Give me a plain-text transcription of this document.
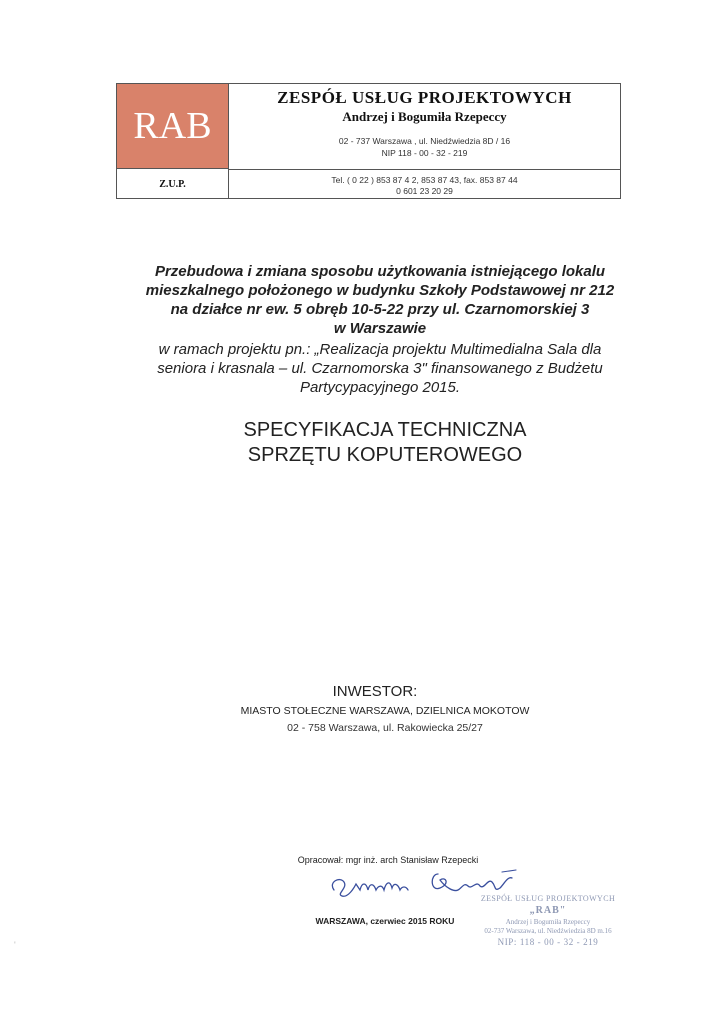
RAB
Z.U.P.
ZESPÓŁ USŁUG PROJEKTOWYCH
Andrzej i Bogumiła Rzepeccy
02 - 737 Warszawa , ul. Niedźwiedzia 8D / 16
NIP 118 - 00 - 32 - 219
Tel. ( 0 22 ) 853 87 4 2, 853 87 43, fax. 853 87 44
0 601 23 20 29
Przebudowa i zmiana sposobu użytkowania istniejącego lokalu
mieszkalnego położonego w budynku Szkoły Podstawowej nr 212
na działce nr ew. 5 obręb 10-5-22 przy ul. Czarnomorskiej 3
w Warszawie
w ramach projektu pn.: „Realizacja projektu Multimedialna Sala dla
seniora i krasnala – ul. Czarnomorska 3" finansowanego z Budżetu
Partycypacyjnego 2015.
SPECYFIKACJA TECHNICZNA
SPRZĘTU KOPUTEROWEGO
INWESTOR:
MIASTO STOŁECZNE WARSZAWA, DZIELNICA MOKOTOW
02 - 758 Warszawa, ul. Rakowiecka 25/27
Opracował: mgr inż. arch Stanisław Rzepecki
WARSZAWA, czerwiec 2015 ROKU
ZESPÓŁ USŁUG PROJEKTOWYCH
„RAB"
Andrzej i Bogumiła Rzepeccy
02-737 Warszawa, ul. Niedźwiedzia 8D m.16
NIP: 118 - 00 - 32 - 219
'
